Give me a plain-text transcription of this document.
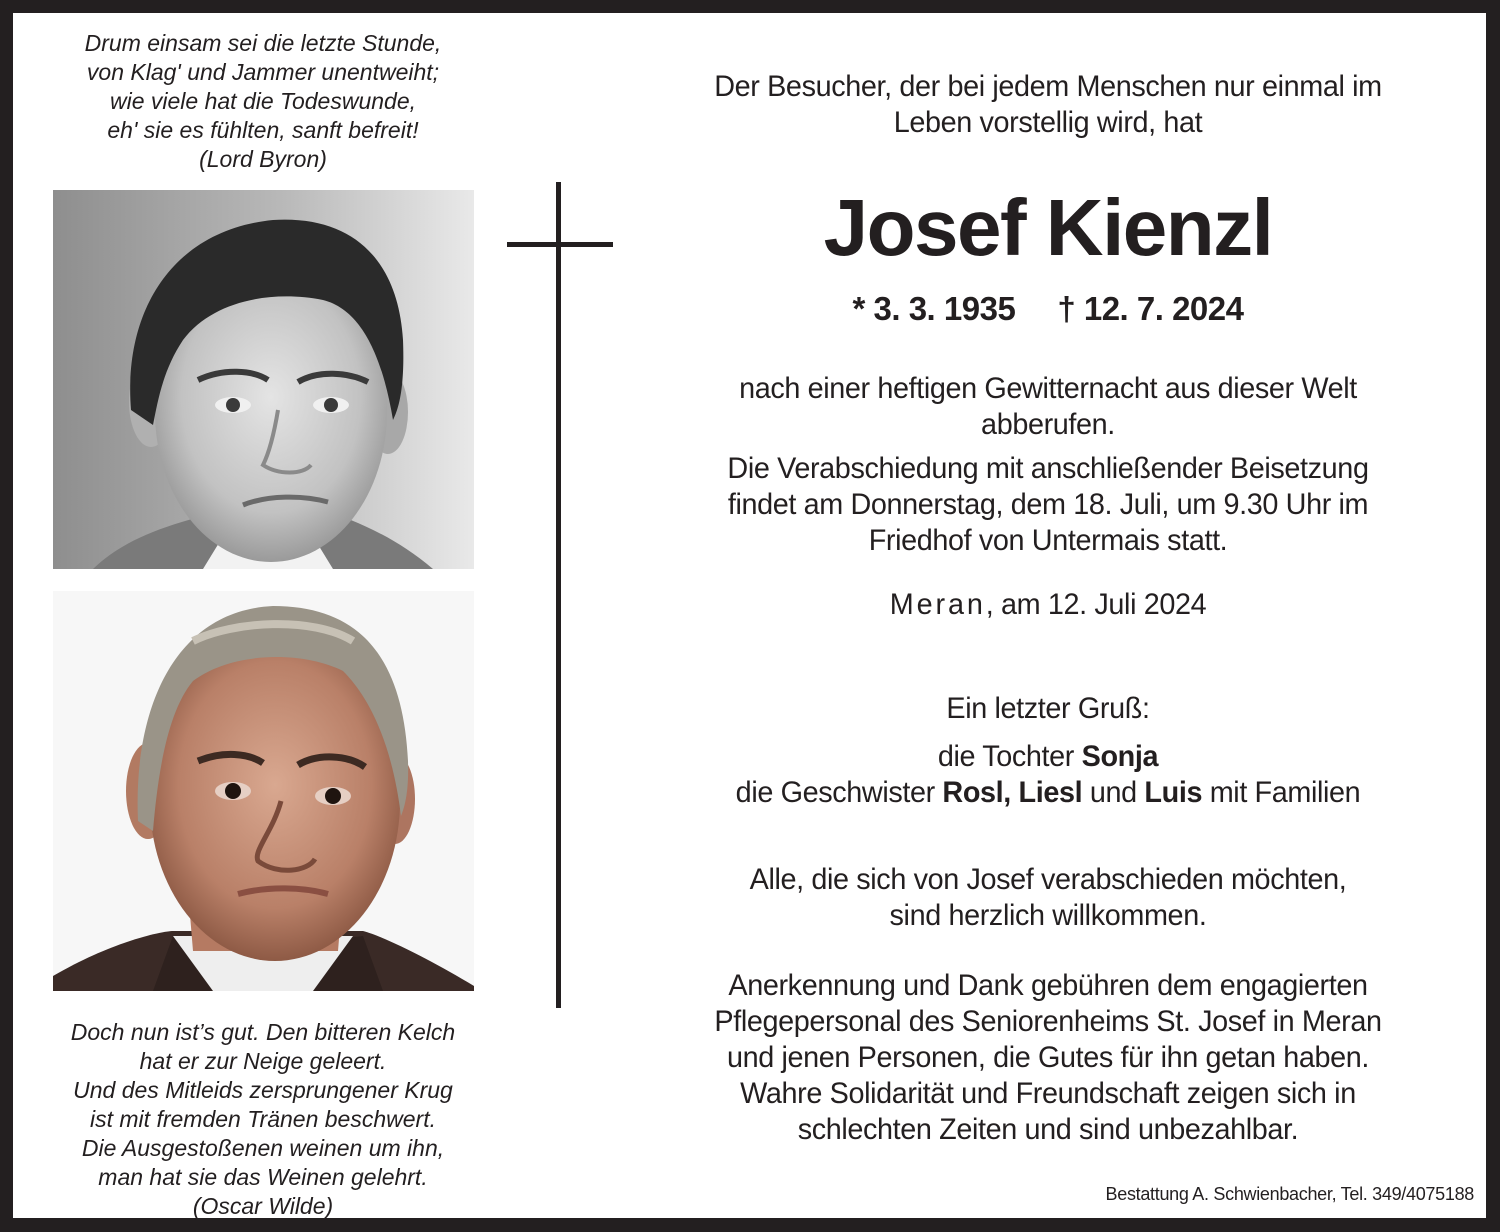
Drum einsam sei die letzte Stunde,
von Klag' und Jammer unentweiht;
wie viele hat die Todeswunde,
eh' sie es fühlten, sanft befreit!
(Lord Byron)
Doch nun ist’s gut. Den bitteren Kelch
hat er zur Neige geleert.
Und des Mitleids zersprungener Krug
ist mit fremden Tränen beschwert.
Die Ausgestoßenen weinen um ihn,
man hat sie das Weinen gelehrt.
(Oscar Wilde)
Der Besucher, der bei jedem Menschen nur einmal im
Leben vorstellig wird, hat
Josef Kienzl
* 3. 3. 1935 † 12. 7. 2024
nach einer heftigen Gewitternacht aus dieser Welt
abberufen.
Die Verabschiedung mit anschließender Beisetzung
findet am Donnerstag, dem 18. Juli, um 9.30 Uhr im
Friedhof von Untermais statt.
Meran, am 12. Juli 2024
Ein letzter Gruß:
die Tochter Sonja
die Geschwister Rosl, Liesl und Luis mit Familien
Alle, die sich von Josef verabschieden möchten,
sind herzlich willkommen.
Anerkennung und Dank gebühren dem engagierten
Pflegepersonal des Seniorenheims St. Josef in Meran
und jenen Personen, die Gutes für ihn getan haben.
Wahre Solidarität und Freundschaft zeigen sich in
schlechten Zeiten und sind unbezahlbar.
Bestattung A. Schwienbacher, Tel. 349/4075188
